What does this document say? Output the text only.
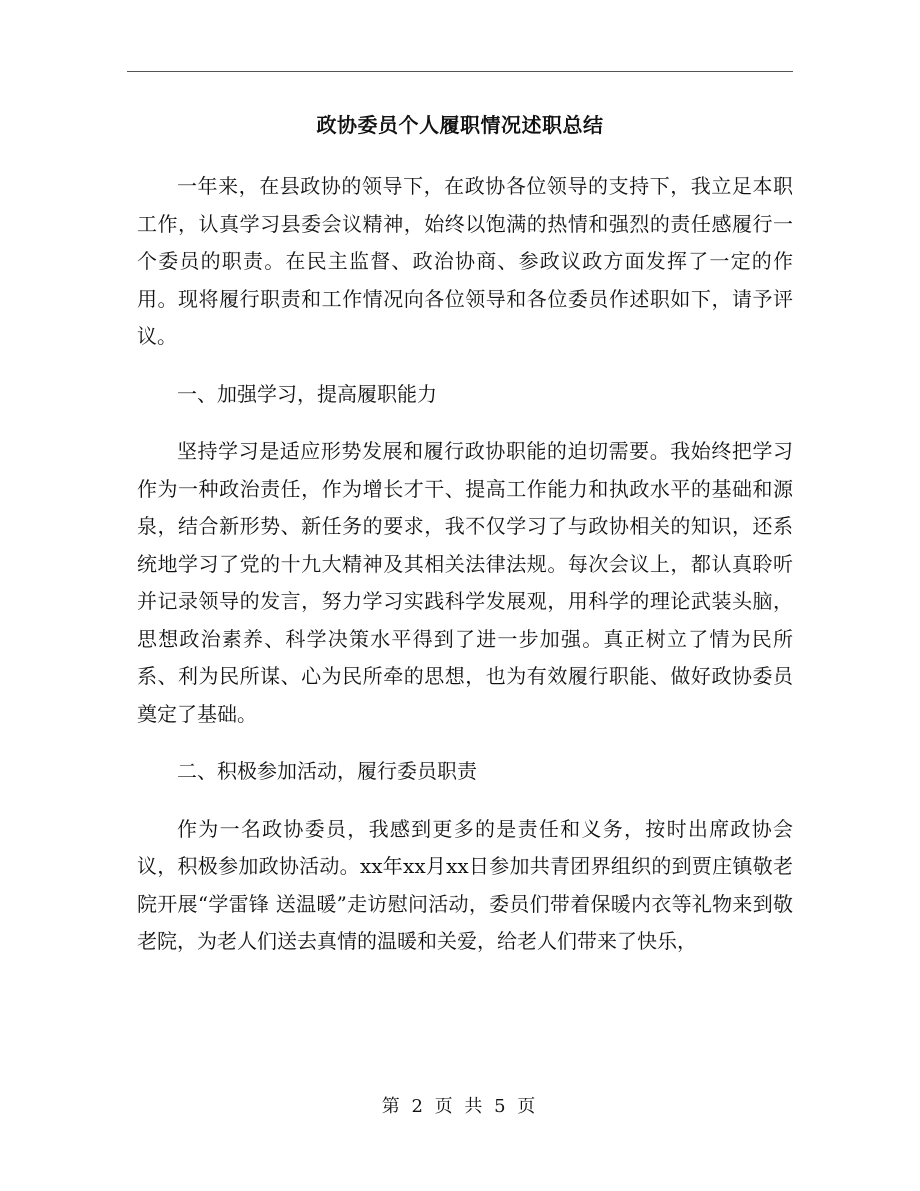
政协委员个人履职情况述职总结

一年来，在县政协的领导下，在政协各位领导的支持下，我立足本职工作，认真学习县委会议精神，始终以饱满的热情和强烈的责任感履行一个委员的职责。在民主监督、政治协商、参政议政方面发挥了一定的作用。现将履行职责和工作情况向各位领导和各位委员作述职如下，请予评议。

一、加强学习，提高履职能力

坚持学习是适应形势发展和履行政协职能的迫切需要。我始终把学习作为一种政治责任，作为增长才干、提高工作能力和执政水平的基础和源泉，结合新形势、新任务的要求，我不仅学习了与政协相关的知识，还系统地学习了党的十九大精神及其相关法律法规。每次会议上，都认真聆听并记录领导的发言，努力学习实践科学发展观，用科学的理论武装头脑，思想政治素养、科学决策水平得到了进一步加强。真正树立了情为民所系、利为民所谋、心为民所牵的思想，也为有效履行职能、做好政协委员奠定了基础。

二、积极参加活动，履行委员职责

作为一名政协委员，我感到更多的是责任和义务，按时出席政协会议，积极参加政协活动。xx年xx月xx日参加共青团界组织的到贾庄镇敬老院开展“学雷锋 送温暖”走访慰问活动，委员们带着保暖内衣等礼物来到敬老院，为老人们送去真情的温暖和关爱，给老人们带来了快乐，

第 2 页 共 5 页
